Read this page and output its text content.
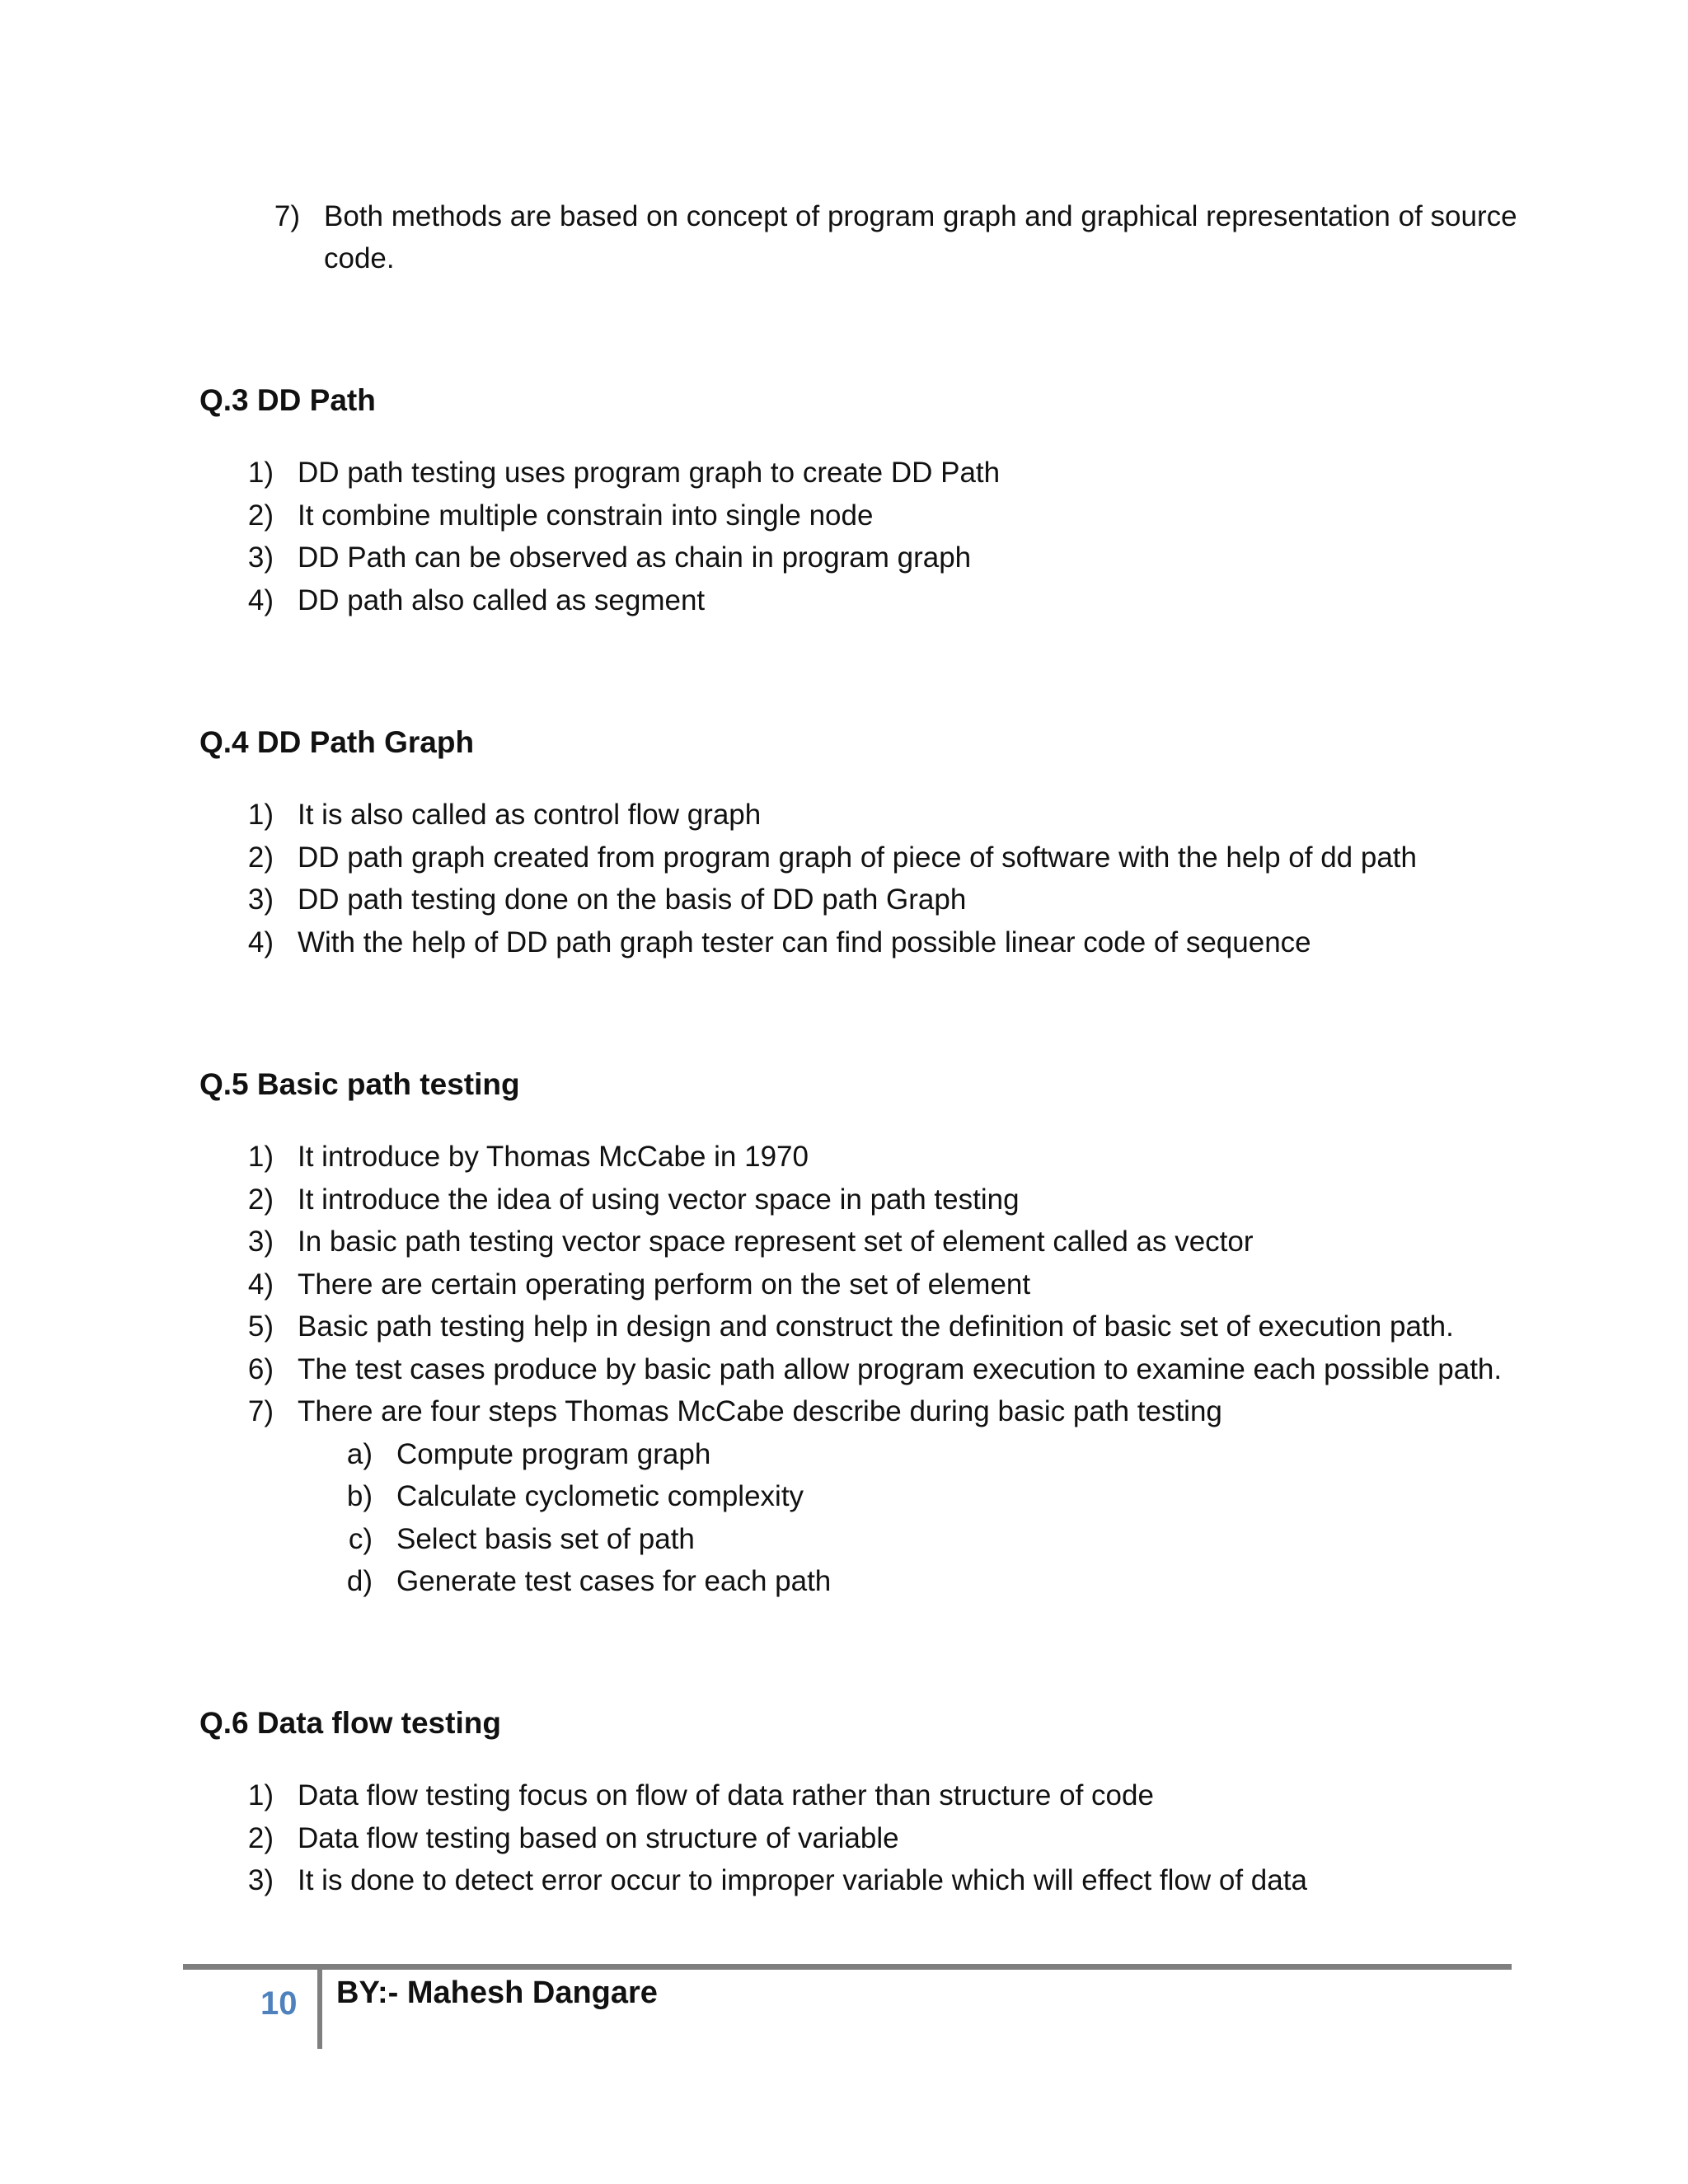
7) Both methods are based on concept of program graph and graphical representation of source
code.
Q.3 DD Path
1) DD path testing uses program graph to create DD Path
2) It combine multiple constrain into single node
3) DD Path can be observed as chain in program graph
4) DD path also called as segment
Q.4 DD Path Graph
1) It is also called as control flow graph
2) DD path graph created from program graph of piece of software with the help of dd path
3) DD path testing done on the basis of DD path Graph
4) With the help of DD path graph tester can find possible linear code of sequence
Q.5 Basic path testing
1) It introduce by Thomas McCabe in 1970
2) It introduce the idea of using vector space in path testing
3) In basic path testing vector space represent set of element called as vector
4) There are certain operating perform on the set of element
5) Basic path testing help in design and construct the definition of basic set of execution path.
6) The test cases produce by basic path allow program execution to examine each possible path.
7) There are four steps Thomas McCabe describe during basic path testing
a) Compute program graph
b) Calculate cyclometic complexity
c) Select basis set of path
d) Generate test cases for each path
Q.6 Data flow testing
1) Data flow testing focus on flow of data rather than structure of code
2) Data flow testing based on structure of variable
3) It is done to detect error occur to improper variable which will effect flow of data
10 BY:- Mahesh Dangare
